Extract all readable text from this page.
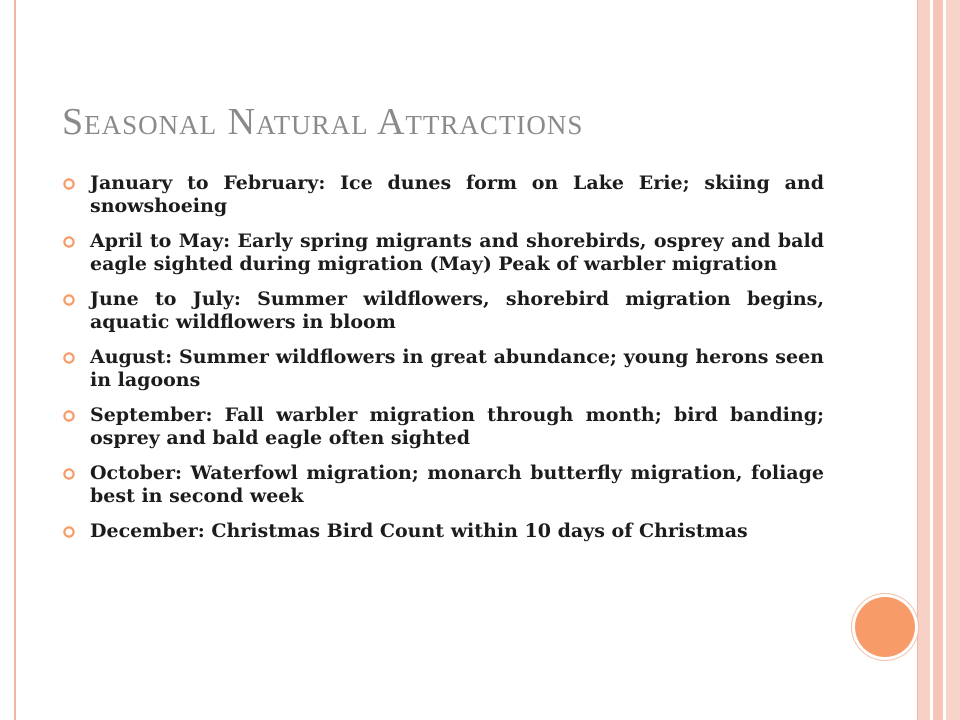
Seasonal Natural Attractions
January to February: Ice dunes form on Lake Erie; skiing and snowshoeing
April to May: Early spring migrants and shorebirds, osprey and bald eagle sighted during migration (May) Peak of warbler migration
June to July: Summer wildflowers, shorebird migration begins, aquatic wildflowers in bloom
August: Summer wildflowers in great abundance; young herons seen in lagoons
September: Fall warbler migration through month; bird banding; osprey and bald eagle often sighted
October: Waterfowl migration; monarch butterfly migration, foliage best in second week
December: Christmas Bird Count within 10 days of Christmas
